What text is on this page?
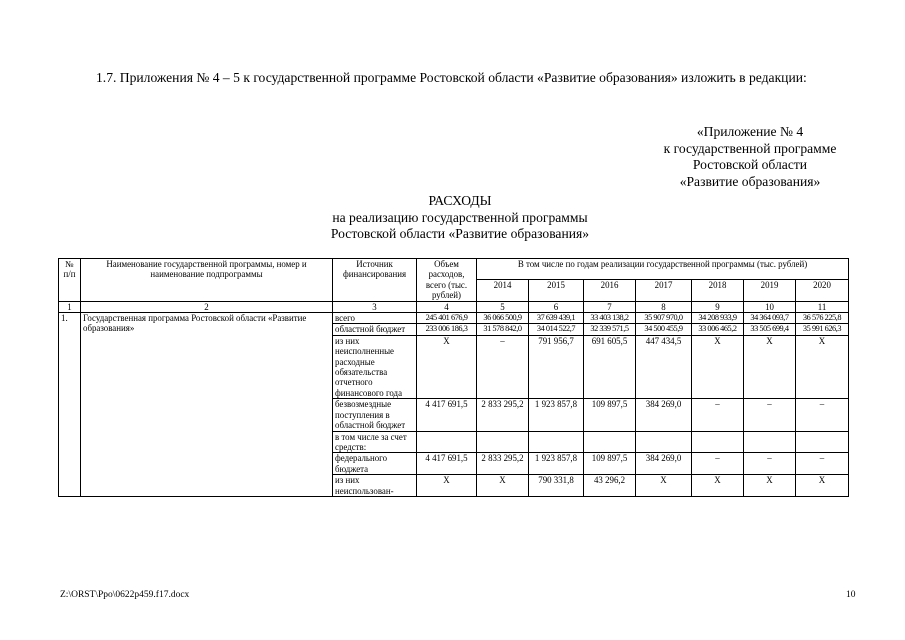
1.7. Приложения № 4 – 5 к государственной программе Ростовской области «Развитие образования» изложить в редакции:
«Приложение № 4
к государственной программе
Ростовской области
«Развитие образования»
РАСХОДЫ
на реализацию государственной программы
Ростовской области «Развитие образования»
№ п/п	Наименование государственной программы, номер и наименование подпрограммы	Источник финансирования	Объем расходов, всего (тыс. рублей)	В том числе по годам реализации государственной программы (тыс. рублей)						
				2014	2015	2016	2017	2018	2019	2020
1	2	3	4	5	6	7	8	9	10	11
1.	Государственная программа Ростовской области «Развитие образования»	всего	245 401 676,9	36 066 500,9	37 639 439,1	33 403 138,2	35 907 970,0	34 208 933,9	34 364 093,7	36 576 225,8
		областной бюджет	233 006 186,3	31 578 842,0	34 014 522,7	32 339 571,5	34 500 455,9	33 006 465,2	33 505 699,4	35 991 626,3
		из них неисполненные расходные обязательства отчетного финансового года	Х	–	791 956,7	691 605,5	447 434,5	Х	Х	Х
		безвозмездные поступления в областной бюджет	4 417 691,5	2 833 295,2	1 923 857,8	109 897,5	384 269,0	–	–	–
		в том числе за счет средств:								
		федерального бюджета	4 417 691,5	2 833 295,2	1 923 857,8	109 897,5	384 269,0	–	–	–
		из них неиспользован-	Х	Х	790 331,8	43 296,2	Х	Х	Х	Х
Z:\ORST\Ppo\0622p459.f17.docx	10
